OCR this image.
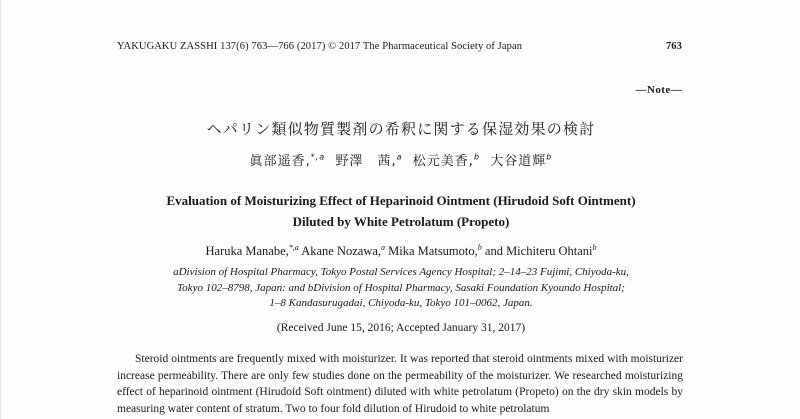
YAKUGAKU ZASSHI 137(6) 763—766 (2017) © 2017 The Pharmaceutical Society of Japan	763
—Note—
ヘパリン類似物質製剤の希釈に関する保湿効果の検討
眞部遥香,$^{*,a}$ 野澤　茜,$^a$ 松元美香,$^b$ 大谷道輝$^b$
Evaluation of Moisturizing Effect of Heparinoid Ointment (Hirudoid Soft Ointment)
Diluted by White Petrolatum (Propeto)
Haruka Manabe,$^{*,a}$ Akane Nozawa,$^a$ Mika Matsumoto,$^b$ and Michiteru Ohtani$^b$
aDivision of Hospital Pharmacy, Tokyo Postal Services Agency Hospital; 2–14–23 Fujimi, Chiyoda-ku,
Tokyo 102–8798, Japan: and bDivision of Hospital Pharmacy, Sasaki Foundation Kyoundo Hospital;
1–8 Kandasurugadai, Chiyoda-ku, Tokyo 101–0062, Japan.
(Received June 15, 2016; Accepted January 31, 2017)
Steroid ointments are frequently mixed with moisturizer. It was reported that steroid ointments mixed with moisturizer increase permeability. There are only few studies done on the permeability of the moisturizer. We researched moisturizing effect of heparinoid ointment (Hirudoid Soft ointment) diluted with white petrolatum (Propeto) on the dry skin models by measuring water content of stratum. Two to four fold dilution of Hirudoid to white petrolatum
